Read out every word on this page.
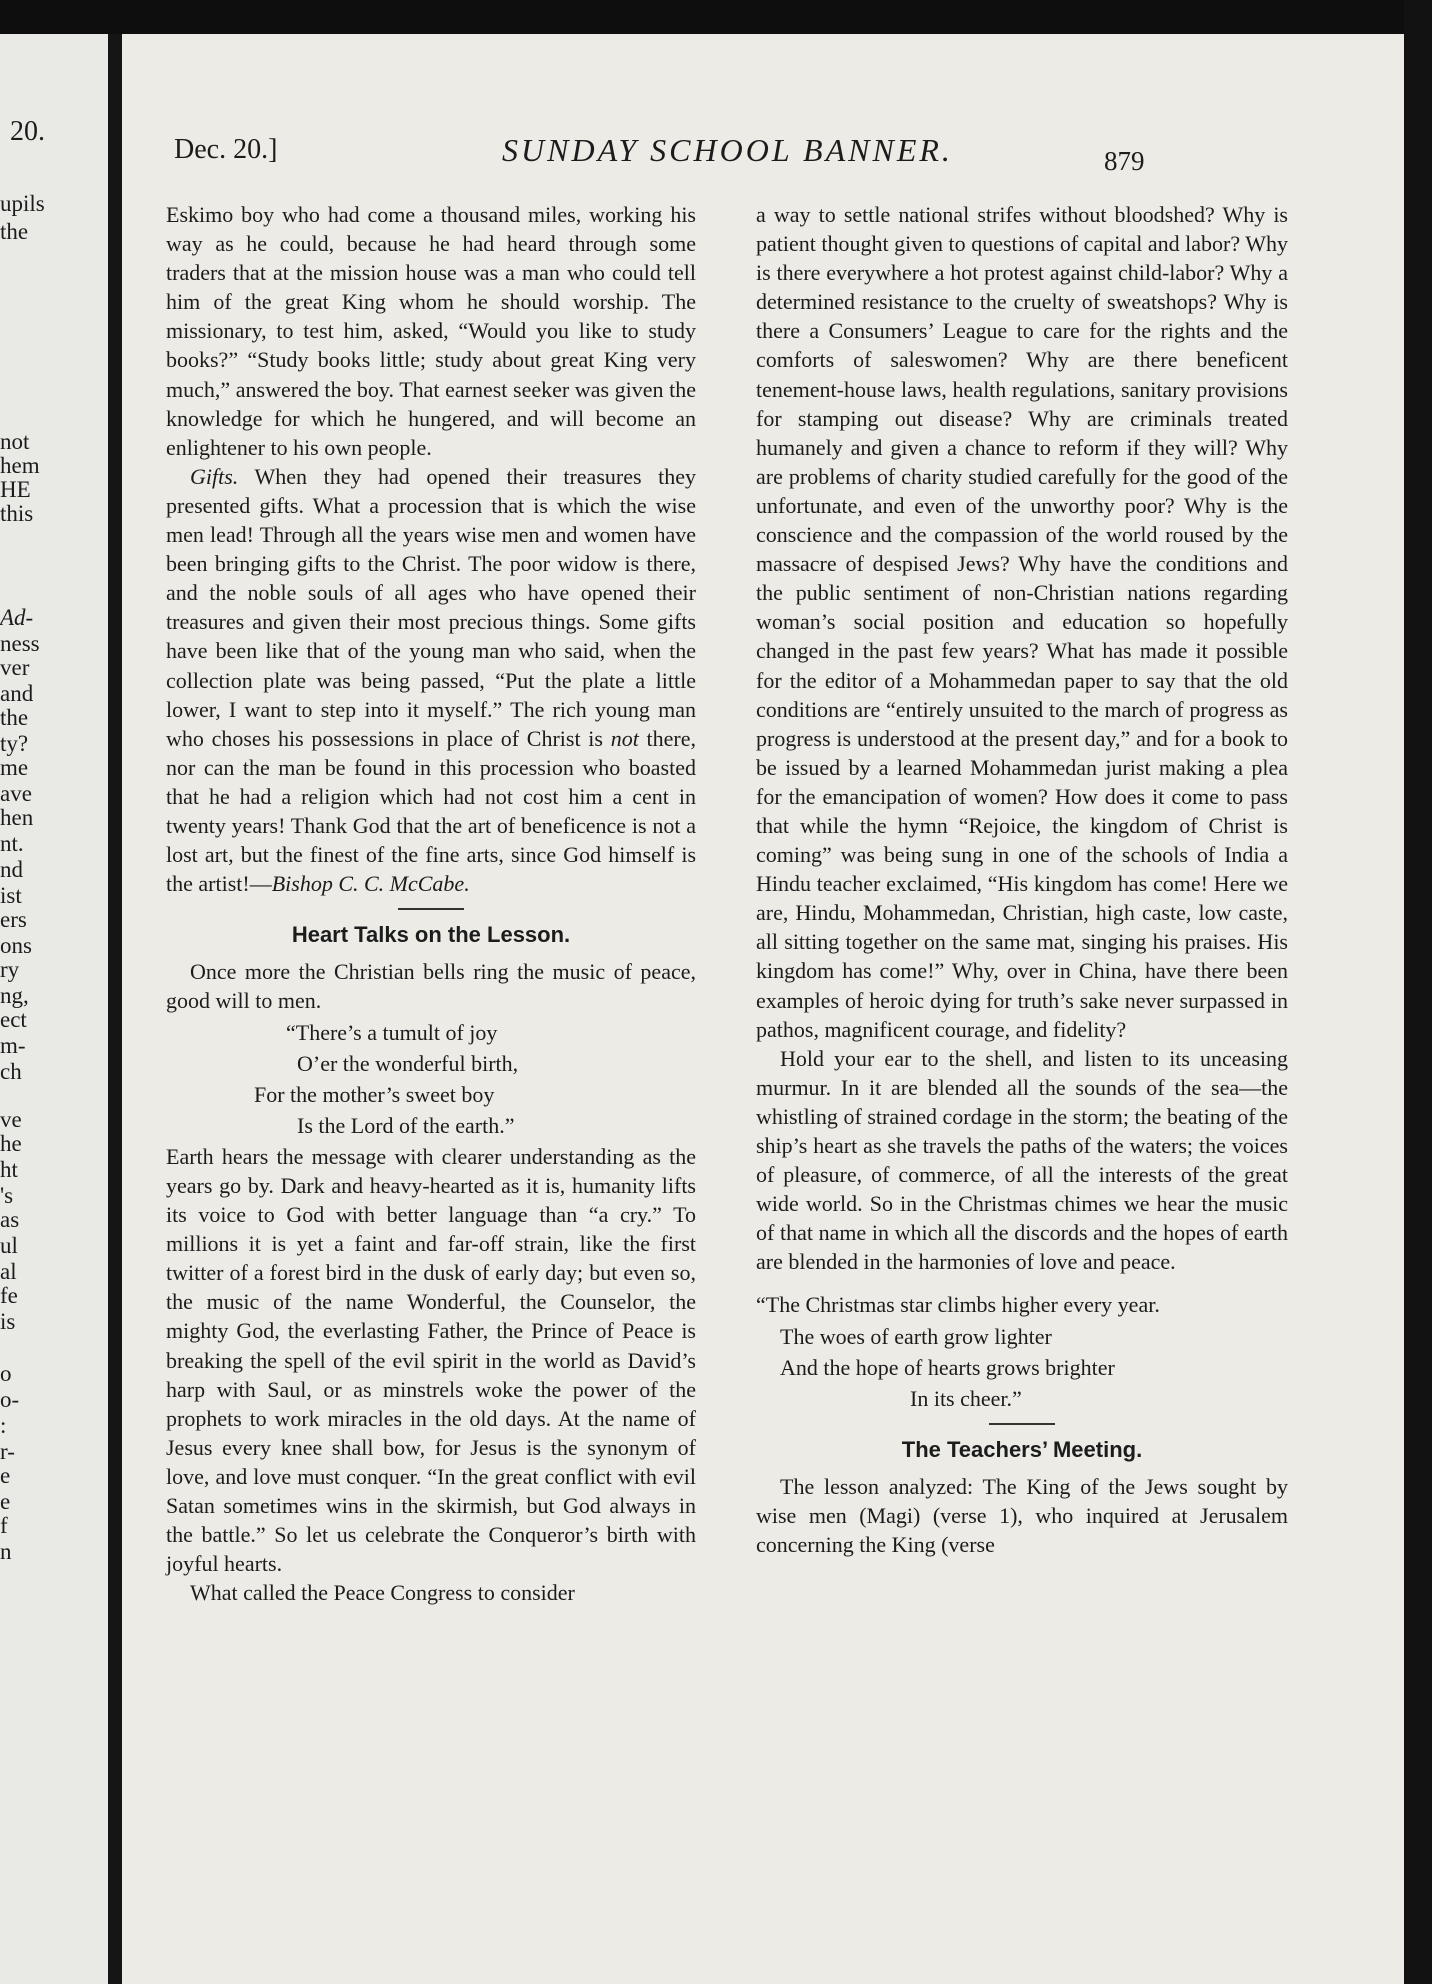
20.
upils
the
not
hem
HE
this
Ad-
ness
ver
and
the
ty?
me
ave
hen
nt.
nd
ist
ers
ons
ry
ng,
ect
m-
ch
ve
he
ht
's
as
ul
al
fe
is
o
o-
:
r-
e
e
f
n
Dec. 20.]	SUNDAY SCHOOL BANNER.	879

Eskimo boy who had come a thousand miles, working his way as he could, because he had heard through some traders that at the mission house was a man who could tell him of the great King whom he should worship. The missionary, to test him, asked, “Would you like to study books?” “Study books little; study about great King very much,” answered the boy. That earnest seeker was given the knowledge for which he hungered, and will become an enlightener to his own people.

Gifts. When they had opened their treasures they presented gifts. What a procession that is which the wise men lead! Through all the years wise men and women have been bringing gifts to the Christ. The poor widow is there, and the noble souls of all ages who have opened their treasures and given their most precious things. Some gifts have been like that of the young man who said, when the collection plate was being passed, “Put the plate a little lower, I want to step into it myself.” The rich young man who choses his possessions in place of Christ is not there, nor can the man be found in this procession who boasted that he had a religion which had not cost him a cent in twenty years! Thank God that the art of beneficence is not a lost art, but the finest of the fine arts, since God himself is the artist!—Bishop C. C. McCabe.

Heart Talks on the Lesson.

Once more the Christian bells ring the music of peace, good will to men.

“There’s a tumult of joy

O’er the wonderful birth,

For the mother’s sweet boy

Is the Lord of the earth.”

Earth hears the message with clearer understanding as the years go by. Dark and heavy-hearted as it is, humanity lifts its voice to God with better language than “a cry.” To millions it is yet a faint and far-off strain, like the first twitter of a forest bird in the dusk of early day; but even so, the music of the name Wonderful, the Counselor, the mighty God, the everlasting Father, the Prince of Peace is breaking the spell of the evil spirit in the world as David’s harp with Saul, or as minstrels woke the power of the prophets to work miracles in the old days. At the name of Jesus every knee shall bow, for Jesus is the synonym of love, and love must conquer. “In the great conflict with evil Satan sometimes wins in the skirmish, but God always in the battle.” So let us celebrate the Conqueror’s birth with joyful hearts.

What called the Peace Congress to consider

a way to settle national strifes without bloodshed? Why is patient thought given to questions of capital and labor? Why is there everywhere a hot protest against child-labor? Why a determined resistance to the cruelty of sweatshops? Why is there a Consumers’ League to care for the rights and the comforts of saleswomen? Why are there beneficent tenement-house laws, health regulations, sanitary provisions for stamping out disease? Why are criminals treated humanely and given a chance to reform if they will? Why are problems of charity studied carefully for the good of the unfortunate, and even of the unworthy poor? Why is the conscience and the compassion of the world roused by the massacre of despised Jews? Why have the conditions and the public sentiment of non-Christian nations regarding woman’s social position and education so hopefully changed in the past few years? What has made it possible for the editor of a Mohammedan paper to say that the old conditions are “entirely unsuited to the march of progress as progress is understood at the present day,” and for a book to be issued by a learned Mohammedan jurist making a plea for the emancipation of women? How does it come to pass that while the hymn “Rejoice, the kingdom of Christ is coming” was being sung in one of the schools of India a Hindu teacher exclaimed, “His kingdom has come! Here we are, Hindu, Mohammedan, Christian, high caste, low caste, all sitting together on the same mat, singing his praises. His kingdom has come!” Why, over in China, have there been examples of heroic dying for truth’s sake never surpassed in pathos, magnificent courage, and fidelity?

Hold your ear to the shell, and listen to its unceasing murmur. In it are blended all the sounds of the sea—the whistling of strained cordage in the storm; the beating of the ship’s heart as she travels the paths of the waters; the voices of pleasure, of commerce, of all the interests of the great wide world. So in the Christmas chimes we hear the music of that name in which all the discords and the hopes of earth are blended in the harmonies of love and peace.

“The Christmas star climbs higher every year.

The woes of earth grow lighter

And the hope of hearts grows brighter

In its cheer.”

The Teachers’ Meeting.

The lesson analyzed: The King of the Jews sought by wise men (Magi) (verse 1), who inquired at Jerusalem concerning the King (verse
